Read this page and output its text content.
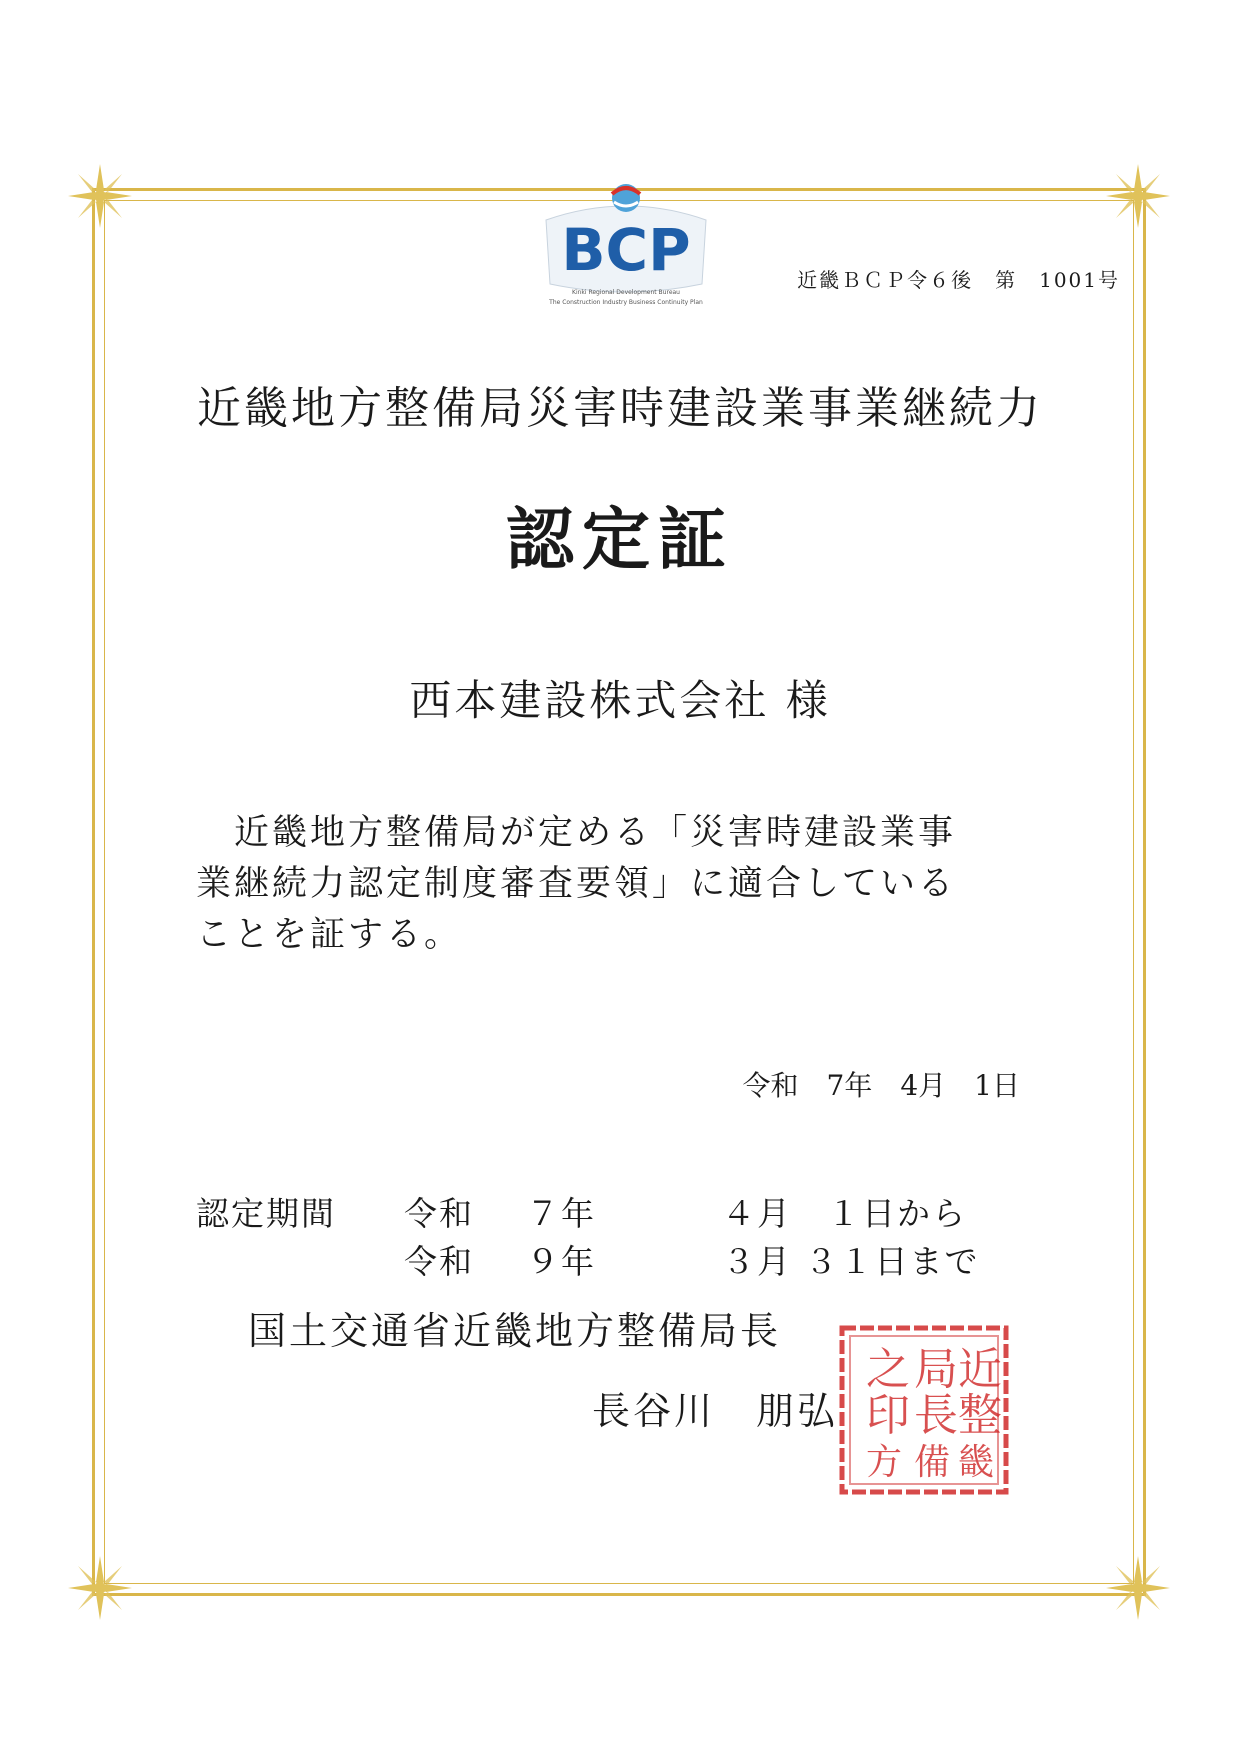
BCP
Kinki Regional Development Bureau
The Construction Industry Business Continuity Plan
近畿ＢＣＰ令６後　第　1001号
近畿地方整備局災害時建設業事業継続力
認定証
西本建設株式会社 様
　近畿地方整備局が定める「災害時建設業事
業継続力認定制度審査要領」に適合している
ことを証する。
令和　7年　4月　1日
認定期間 令和 ７年	４月　１日から
令和 ９年	３月 ３１日まで
国土交通省近畿地方整備局長
長谷川　朋弘
之
印
局
長
近
整
方 備 畿
